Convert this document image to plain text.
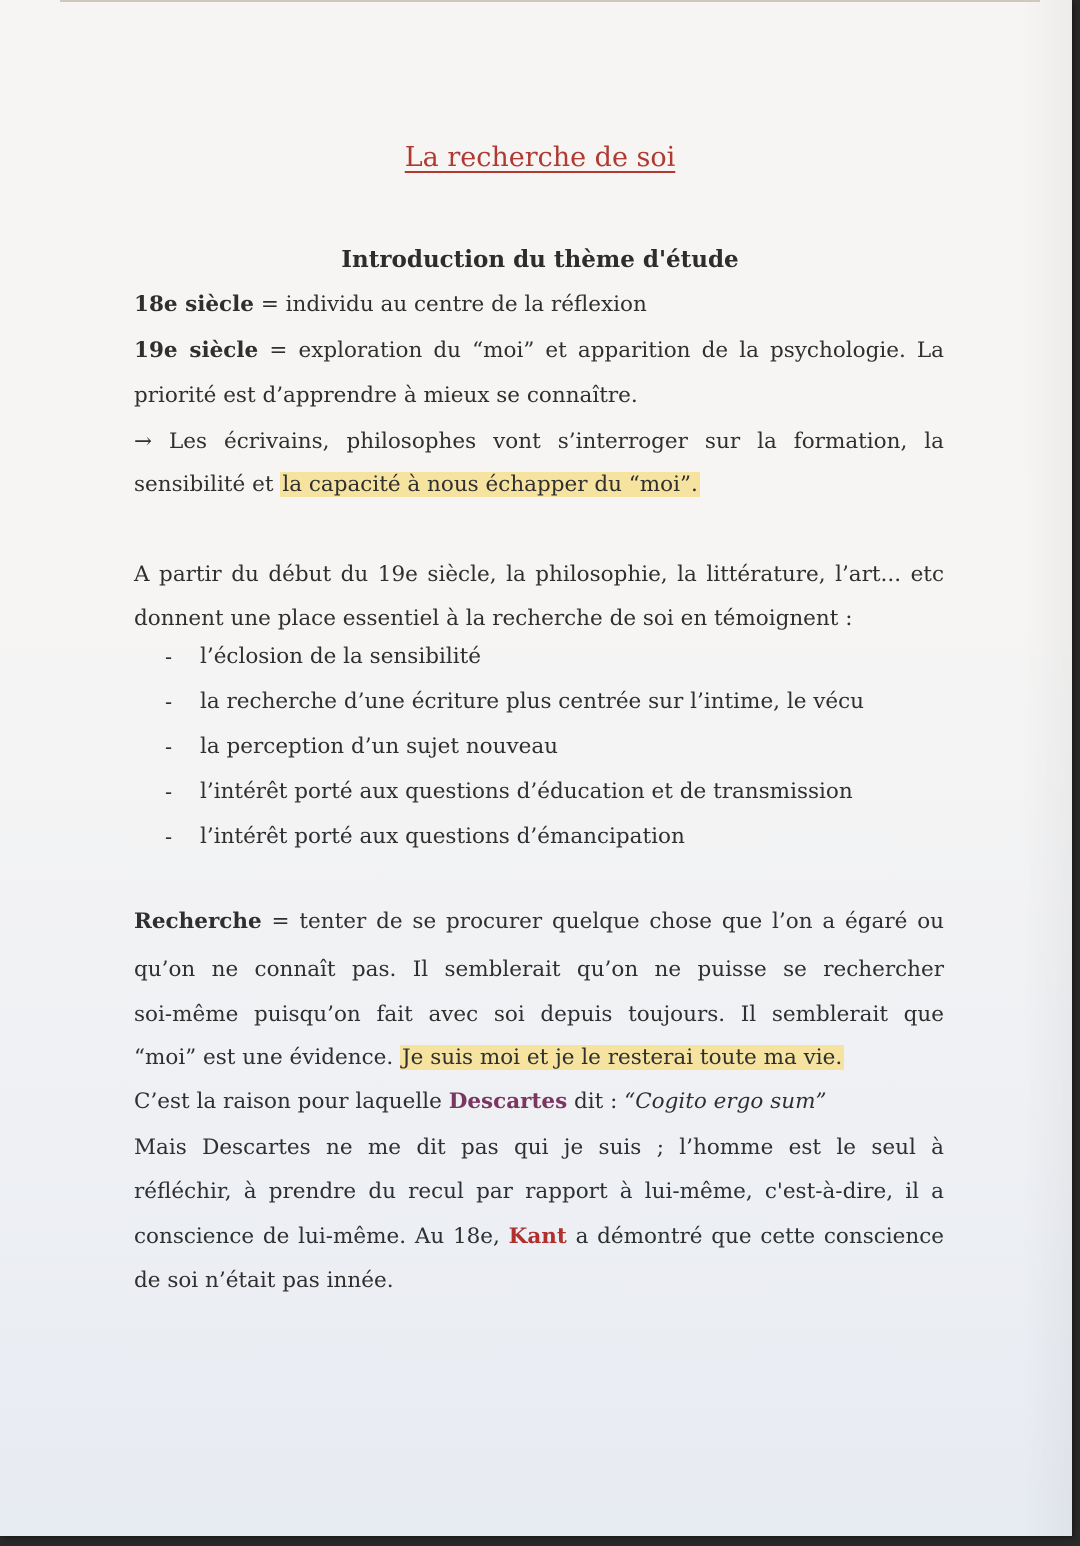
La recherche de soi
Introduction du thème d'étude
18e siècle = individu au centre de la réflexion
19e siècle = exploration du “moi” et apparition de la psychologie. La
priorité est d’apprendre à mieux se connaître.
→ Les écrivains, philosophes vont s’interroger sur la formation, la
sensibilité et la capacité à nous échapper du “moi”.
A partir du début du 19e siècle, la philosophie, la littérature, l’art... etc
donnent une place essentiel à la recherche de soi en témoignent :
-	l’éclosion de la sensibilité
-	la recherche d’une écriture plus centrée sur l’intime, le vécu
-	la perception d’un sujet nouveau
-	l’intérêt porté aux questions d’éducation et de transmission
-	l’intérêt porté aux questions d’émancipation
Recherche = tenter de se procurer quelque chose que l’on a égaré ou
qu’on ne connaît pas. Il semblerait qu’on ne puisse se rechercher
soi-même puisqu’on fait avec soi depuis toujours. Il semblerait que
“moi” est une évidence. Je suis moi et je le resterai toute ma vie.
C’est la raison pour laquelle Descartes dit : “Cogito ergo sum”
Mais Descartes ne me dit pas qui je suis ; l’homme est le seul à
réfléchir, à prendre du recul par rapport à lui-même, c'est-à-dire, il a
conscience de lui-même. Au 18e, Kant a démontré que cette conscience
de soi n’était pas innée.
